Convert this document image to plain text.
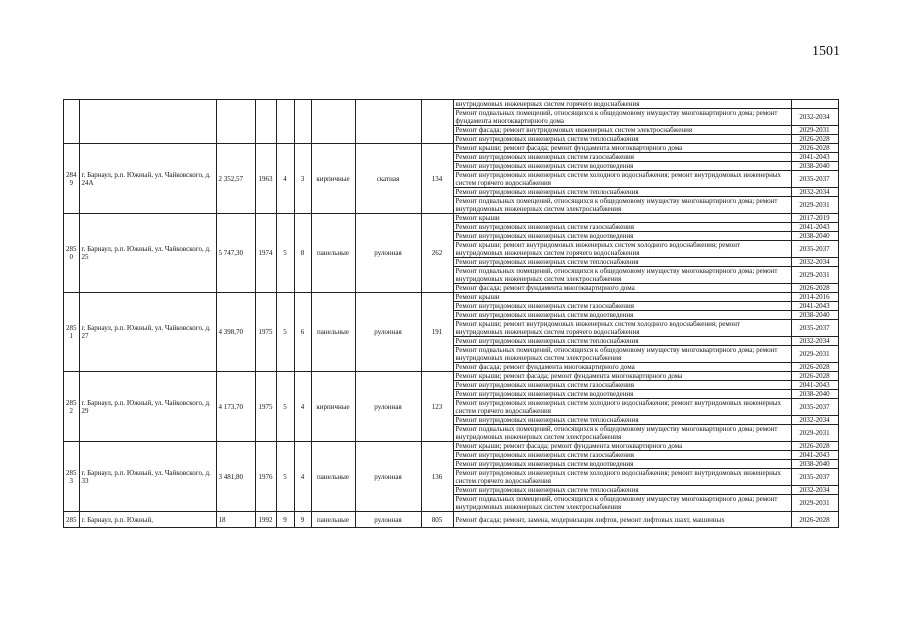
1501
									внутридомовых инженерных систем горячего водоснабжения	
									Ремонт подвальных помещений, относящихся к общедомовому имуществу многоквартирного дома; ремонт фундамента многоквартирного дома	2032-2034
									Ремонт фасада; ремонт внутридомовых инженерных систем электроснабжения	2029-2031
									Ремонт внутридомовых инженерных систем теплоснабжения	2026-2028
284 9	г. Барнаул, р.п. Южный, ул. Чайковского, д. 24А	2 352,57	1963	4	3	кирпичные	скатная	134	Ремонт крыши; ремонт фасада; ремонт фундамента многоквартирного дома	2026-2028
									Ремонт внутридомовых инженерных систем газоснабжения	2041-2043
									Ремонт внутридомовых инженерных систем водоотведения	2038-2040
									Ремонт внутридомовых инженерных систем холодного водоснабжения; ремонт внутридомовых инженерных систем горячего водоснабжения	2035-2037
									Ремонт внутридомовых инженерных систем теплоснабжения	2032-2034
									Ремонт подвальных помещений, относящихся к общедомовому имуществу многоквартирного дома; ремонт внутридомовых инженерных систем электроснабжения	2029-2031
285 0	г. Барнаул, р.п. Южный, ул. Чайковского, д. 25	5 747,30	1974	5	8	панельные	рулонная	262	Ремонт крыши	2017-2019
									Ремонт внутридомовых инженерных систем газоснабжения	2041-2043
									Ремонт внутридомовых инженерных систем водоотведения	2038-2040
									Ремонт крыши; ремонт внутридомовых инженерных систем холодного водоснабжения; ремонт внутридомовых инженерных систем горячего водоснабжения	2035-2037
									Ремонт внутридомовых инженерных систем теплоснабжения	2032-2034
									Ремонт подвальных помещений, относящихся к общедомовому имуществу многоквартирного дома; ремонт внутридомовых инженерных систем электроснабжения	2029-2031
									Ремонт фасада; ремонт фундамента многоквартирного дома	2026-2028
285 1	г. Барнаул, р.п. Южный, ул. Чайковского, д. 27	4 398,70	1975	5	6	панельные	рулонная	191	Ремонт крыши	2014-2016
									Ремонт внутридомовых инженерных систем газоснабжения	2041-2043
									Ремонт внутридомовых инженерных систем водоотведения	2038-2040
									Ремонт крыши; ремонт внутридомовых инженерных систем холодного водоснабжения; ремонт внутридомовых инженерных систем горячего водоснабжения	2035-2037
									Ремонт внутридомовых инженерных систем теплоснабжения	2032-2034
									Ремонт подвальных помещений, относящихся к общедомовому имуществу многоквартирного дома; ремонт внутридомовых инженерных систем электроснабжения	2029-2031
									Ремонт фасада; ремонт фундамента многоквартирного дома	2026-2028
285 2	г. Барнаул, р.п. Южный, ул. Чайковского, д. 29	4 173,70	1975	5	4	кирпичные	рулонная	123	Ремонт крыши; ремонт фасада; ремонт фундамента многоквартирного дома	2026-2028
									Ремонт внутридомовых инженерных систем газоснабжения	2041-2043
									Ремонт внутридомовых инженерных систем водоотведения	2038-2040
									Ремонт внутридомовых инженерных систем холодного водоснабжения; ремонт внутридомовых инженерных систем горячего водоснабжения	2035-2037
									Ремонт внутридомовых инженерных систем теплоснабжения	2032-2034
									Ремонт подвальных помещений, относящихся к общедомовому имуществу многоквартирного дома; ремонт внутридомовых инженерных систем электроснабжения	2029-2031
285 3	г. Барнаул, р.п. Южный, ул. Чайковского, д. 33	3 481,80	1976	5	4	панельные	рулонная	136	Ремонт крыши; ремонт фасада; ремонт фундамента многоквартирного дома	2026-2028
									Ремонт внутридомовых инженерных систем газоснабжения	2041-2043
									Ремонт внутридомовых инженерных систем водоотведения	2038-2040
									Ремонт внутридомовых инженерных систем холодного водоснабжения; ремонт внутридомовых инженерных систем горячего водоснабжения	2035-2037
									Ремонт внутридомовых инженерных систем теплоснабжения	2032-2034
									Ремонт подвальных помещений, относящихся к общедомовому имуществу многоквартирного дома; ремонт внутридомовых инженерных систем электроснабжения	2029-2031
285	г. Барнаул, р.п. Южный,	18	1992	9	9	панельные	рулонная	805	Ремонт фасада; ремонт, замена, модернизация лифтов, ремонт лифтовых шахт, машинных	2026-2028
